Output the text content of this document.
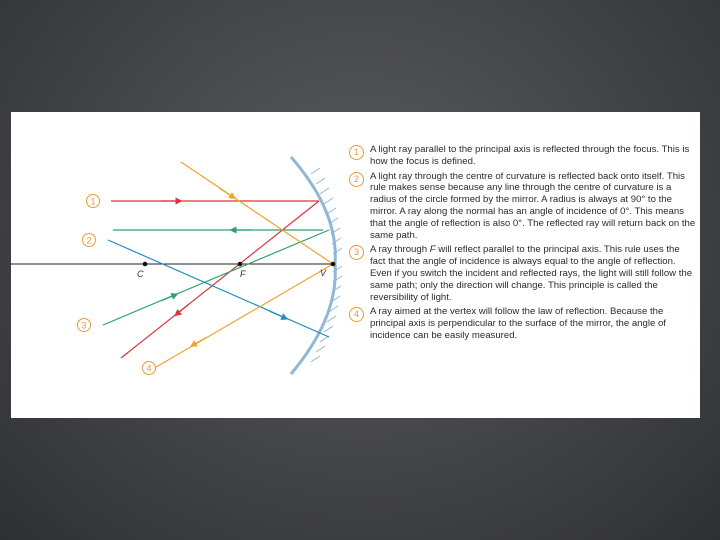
C	F	V
1
2
3
4
1	A light ray parallel to the principal axis is reflected through the focus. This is how the focus is defined.
2	A light ray through the centre of curvature is reflected back onto itself. This rule makes sense because any line through the centre of curvature is a radius of the circle formed by the mirror. A radius is always at 90° to the mirror. A ray along the normal has an angle of incidence of 0°. This means that the angle of reflection is also 0°. The reflected ray will return back on the same path.
3	A ray through F will reflect parallel to the principal axis. This rule uses the fact that the angle of incidence is always equal to the angle of reflection. Even if you switch the incident and reflected rays, the light will still follow the same path; only the direction will change. This principle is called the reversibility of light.
4	A ray aimed at the vertex will follow the law of reflection. Because the principal axis is perpendicular to the surface of the mirror, the angle of incidence can be easily measured.
